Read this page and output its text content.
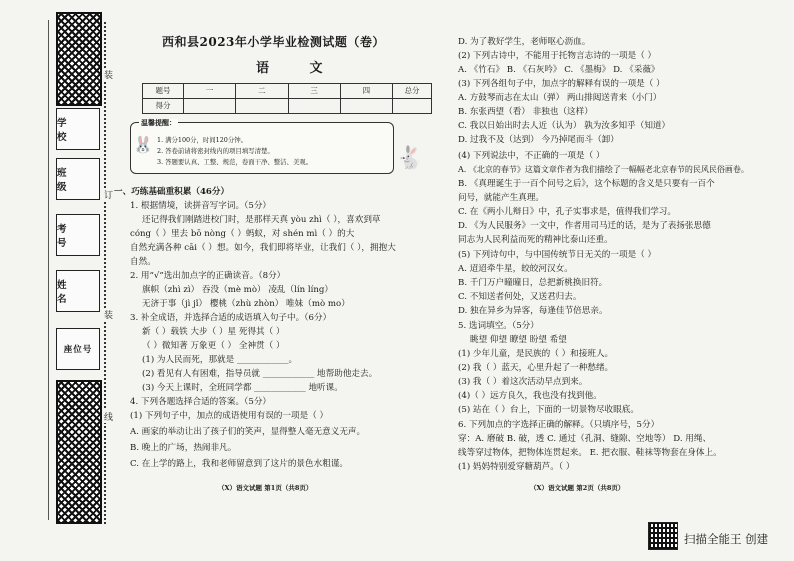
学 校
班 级
考 号
姓 名
座位号
装
订
装
线
西和县2023年小学毕业检测试题（卷）
语 文
题号	一	二	三	四	总分
得分					
温馨提醒：
🐰 1. 满分100分，时间120分钟。
2. 答卷前请将密封线内的项目填写清楚。
3. 答题要认真、工整、规范，卷面干净、整洁、美观。	🐇
一、巧练基础重积累（46分）
1. 根据情境，读拼音写字词。（5分）
还记得我们刚踏进校门时，是那样天真 yòu zhì（ ），喜欢到草
cóng（ ）里去 bō nòng（ ）蚂蚁，对 shén mì（ ）的大
自然充满各种 cāi（ ）想。如今，我们即将毕业，让我们（ ），拥抱大
自然。
2. 用“√”选出加点字的正确读音。（8分）
旗帜（zhì zì） 吞没（mè mò） 凌乱（lín líng）
无济于事（jì jǐ） 樱桃（zhù zhòn） 唯妹（mò mo）
3. 补全成语，并选择合适的成语填入句子中。（6分）
新（ ）载铁 大步（ ）星 死得其（ ）
（ ）微知著 万象更（ ） 全神贯（ ）
(1) 为人民而死，那就是 ____________。
(2) 看见有人有困难，指导员就 ____________ 地帮助他走去。
(3) 今天上课时，全班同学都 ____________ 地听课。
4. 下列各题选择合适的答案。（5分）
(1) 下列句子中，加点的成语使用有误的一项是（ ）
A. 画家的举动让出了孩子们的笑声，显得整人毫无意义无声。
B. 晚上的广场，热闹非凡。
C. 在上学的路上，我和老师留意到了这片的景色水粗谨。
（X）语文试题 第1页（共8页）
D. 为了教好学生，老师呕心沥血。
(2) 下列古诗中，不能用于托物言志诗的一项是（ ）
A. 《竹石》 B. 《石灰吟》 C. 《墨梅》 D. 《采薇》
(3) 下列各组句子中，加点字的解释有误的一项是（ ）
A. 方鼓琴而志在太山（弹） 两山排闼送青来（小门）
B. 东张西望（看） 非独也（这样）
C. 我以日始出时去人近（认为） 孰为汝多知乎（知道）
D. 过我不及（达到） 今乃掉尾而斗（卸）
(4) 下列说法中，不正确的一项是（ ）
A. 《北京的春节》这篇文章作者为我们描绘了一幅幅老北京春节的民风民俗画卷。
B. 《真理诞生于一百个问号之后》，这个标题的含义是只要有一百个
问号，就能产生真理。
C. 在《两小儿辩日》中，孔子实事求是，值得我们学习。
D. 《为人民服务》一文中，作者用司马迁的话，是为了表扬张思德
同志为人民利益而死的精神比泰山还重。
(5) 下列诗句中，与中国传统节日无关的一项是（ ）
A. 迢迢牵牛星，皎皎河汉女。
B. 千门万户曈曈日，总把新桃换旧符。
C. 不知送者何处，又送君归去。
D. 独在异乡为异客，每逢佳节倍思亲。
5. 选词填空。（5分）
眺望 仰望 瞭望 盼望 希望
(1) 少年儿童，是民族的（ ）和接班人。
(2) 我（ ）蓝天，心里升起了一种愁绪。
(3) 我（ ）着这次活动早点到来。
(4)（ ）远方良久，我也没有找到他。
(5) 站在（ ）台上，下面的一切景物尽收眼底。
6. 下列加点的字选择正确的解释。（只填序号，5分）
穿：A. 磨破 B. 破，透 C. 通过（孔洞、缝隙、空地等） D. 用绳、
线等穿过物体，把物体连贯起来。 E. 把衣服、鞋袜等物套在身体上。
(1) 妈妈特别爱穿糖葫芦。（ ）
（X）语文试题 第2页（共8页）
扫描全能王 创建
